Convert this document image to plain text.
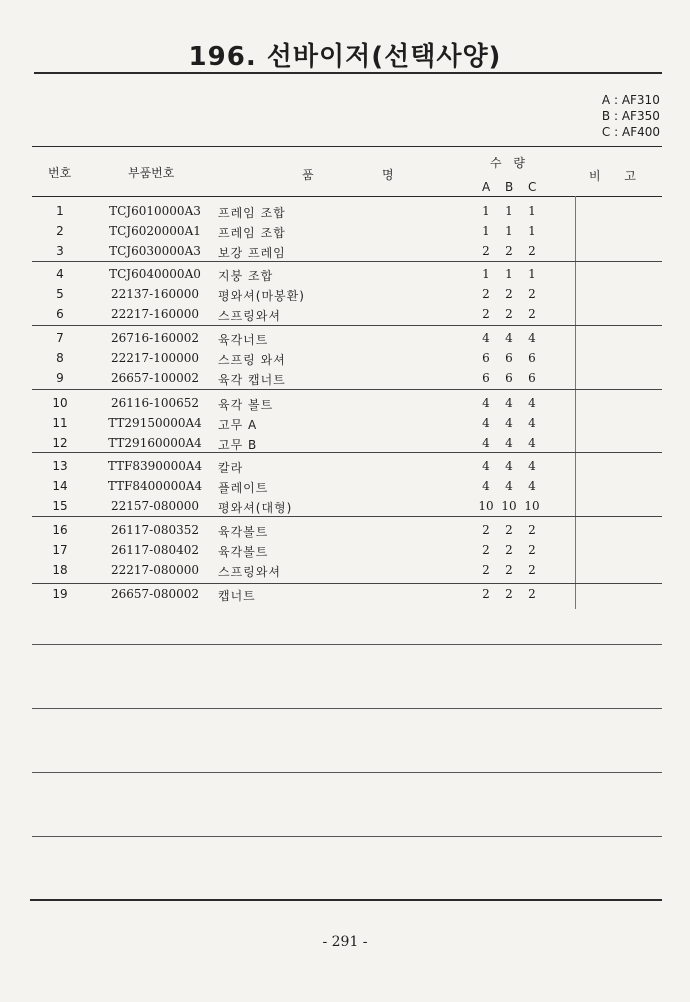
196. 선바이저(선택사양)
A : AF310
B : AF350
C : AF400
번호	부품번호	품	명
수 량
A B C
비 고
1	TCJ6010000A3	프레임 조합	1	1	1
2	TCJ6020000A1	프레임 조합	1	1	1
3	TCJ6030000A3	보강 프레임	2	2	2
4	TCJ6040000A0	지붕 조합	1	1	1
5	22137-160000	평와셔(마봉환)	2	2	2
6	22217-160000	스프링와셔	2	2	2
7	26716-160002	육각너트	4	4	4
8	22217-100000	스프링 와셔	6	6	6
9	26657-100002	육각 캡너트	6	6	6
10	26116-100652	육각 볼트	4	4	4
11	TT29150000A4	고무 A	4	4	4
12	TT29160000A4	고무 B	4	4	4
13	TTF8390000A4	칼라	4	4	4
14	TTF8400000A4	플레이트	4	4	4
15	22157-080000	평와셔(대형)	10 10 10
16	26117-080352	육각볼트	2	2	2
17	26117-080402	육각볼트	2	2	2
18	22217-080000	스프링와셔	2	2	2
19	26657-080002	캡너트	2	2	2
- 291 -
